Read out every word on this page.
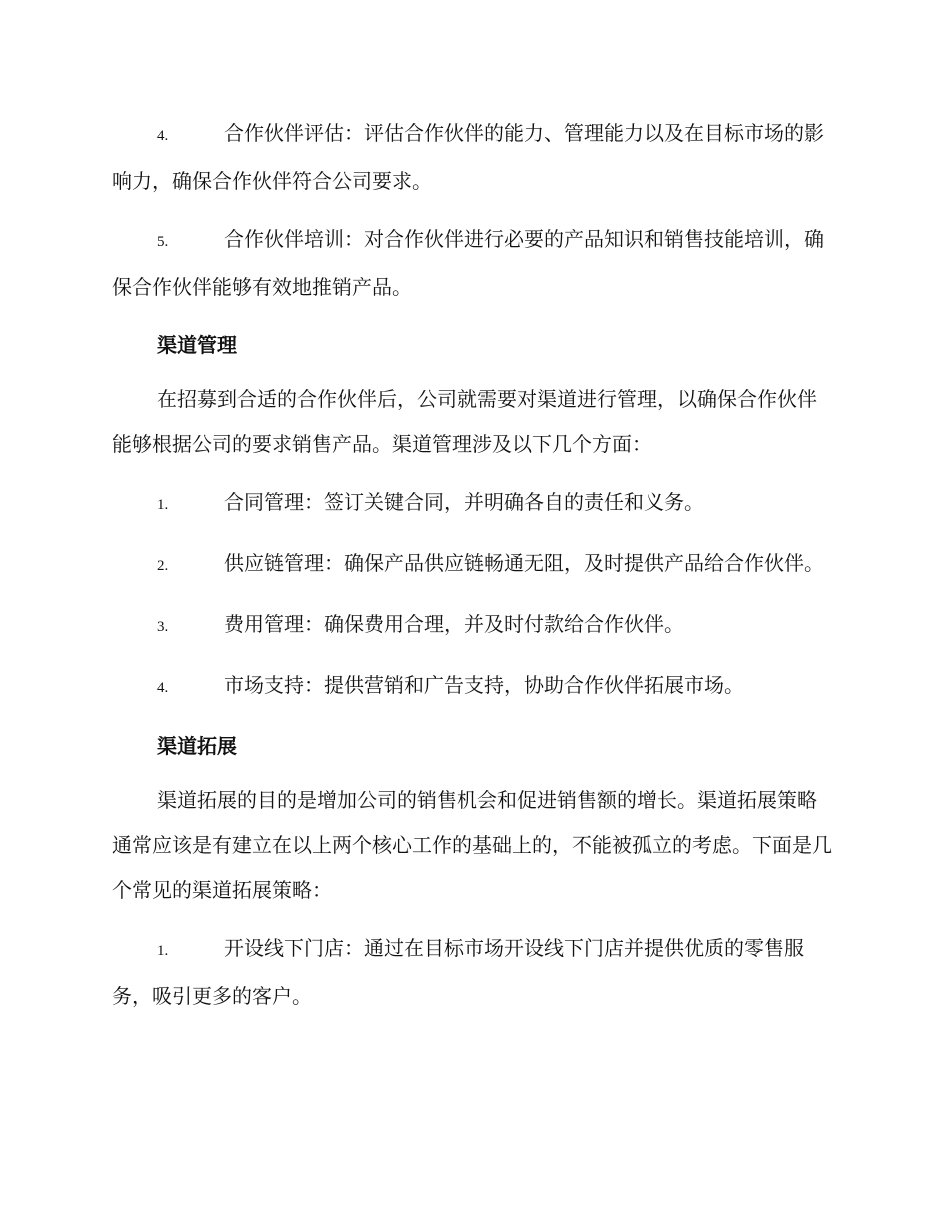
4.	合作伙伴评估：评估合作伙伴的能力、管理能力以及在目标市场的影响力，确保合作伙伴符合公司要求。

5.	合作伙伴培训：对合作伙伴进行必要的产品知识和销售技能培训，确保合作伙伴能够有效地推销产品。

渠道管理

在招募到合适的合作伙伴后，公司就需要对渠道进行管理，以确保合作伙伴能够根据公司的要求销售产品。渠道管理涉及以下几个方面：

1.	合同管理：签订关键合同，并明确各自的责任和义务。

2.	供应链管理：确保产品供应链畅通无阻，及时提供产品给合作伙伴。

3.	费用管理：确保费用合理，并及时付款给合作伙伴。

4.	市场支持：提供营销和广告支持，协助合作伙伴拓展市场。

渠道拓展

渠道拓展的目的是增加公司的销售机会和促进销售额的增长。渠道拓展策略通常应该是有建立在以上两个核心工作的基础上的，不能被孤立的考虑。下面是几个常见的渠道拓展策略：

1.	开设线下门店：通过在目标市场开设线下门店并提供优质的零售服务，吸引更多的客户。
